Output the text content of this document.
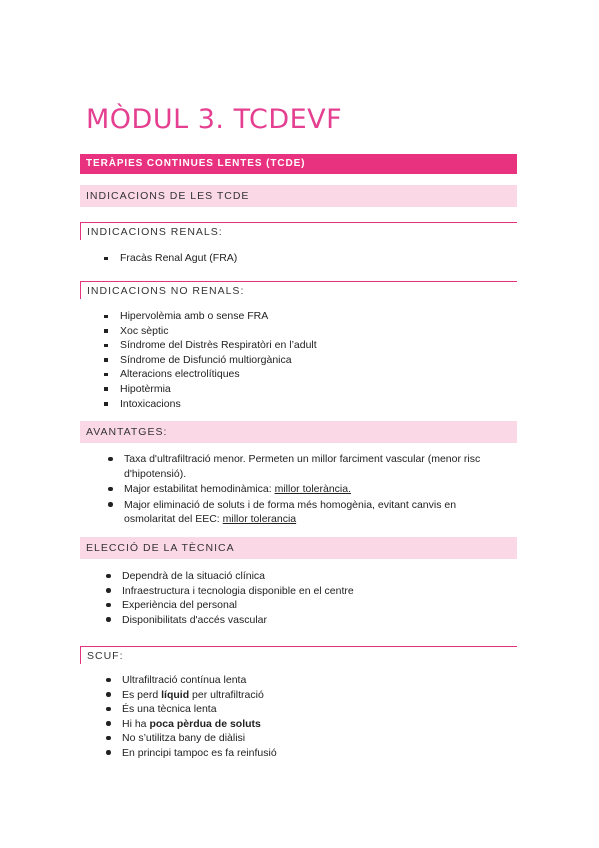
MÒDUL 3. TCDEVF
TERÀPIES CONTINUES LENTES (TCDE)
INDICACIONS DE LES TCDE
INDICACIONS RENALS:
Fracàs Renal Agut (FRA)
INDICACIONS NO RENALS:
Hipervolèmia amb o sense FRA
Xoc sèptic
Síndrome del Distrès Respiratòri en l’adult
Síndrome de Disfunció multiorgànica
Alteracions electrolítiques
Hipotèrmia
Intoxicacions
AVANTATGES:
Taxa d'ultrafiltració menor. Permeten un millor farciment vascular (menor risc d'hipotensió).
Major estabilitat hemodinàmica: millor tolerància.
Major eliminació de soluts i de forma més homogènia, evitant canvis en osmolaritat del EEC: millor tolerancia
ELECCIÓ DE LA TÈCNICA
Dependrà de la situació clínica
Infraestructura i tecnologia disponible en el centre
Experiència del personal
Disponibilitats d'accés vascular
SCUF:
Ultrafiltració contínua lenta
Es perd líquid per ultrafiltració
És una tècnica lenta
Hi ha poca pèrdua de soluts
No s’utilitza bany de diàlisi
En principi tampoc es fa reinfusió
